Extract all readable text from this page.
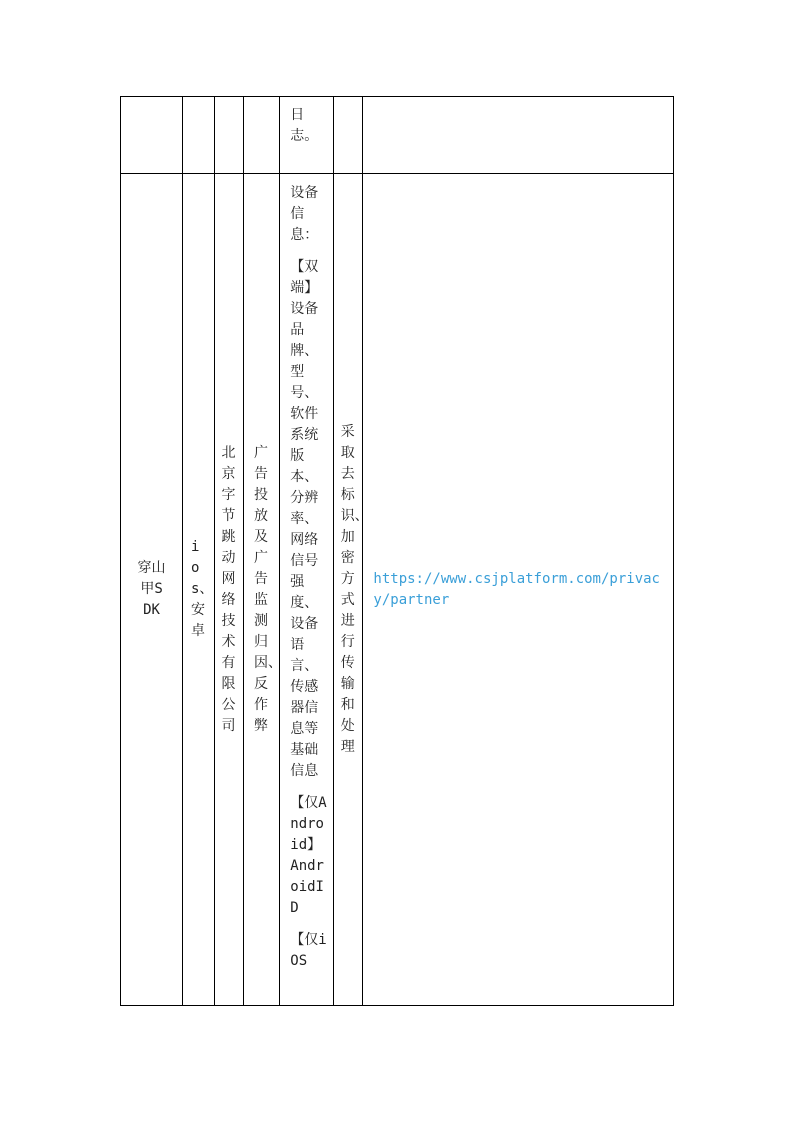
				日志。		

穿山甲SDK	ios、安卓	北京字节跳动网络技术有限公司	广告投放及广告监测归因、反作弊	设备信息：

【双端】设备品牌、型号、软件系统版本、分辨率、网络信号强度、设备语言、传感器信息等基础信息

【仅Android】AndroidID

【仅iOS	采取去标识、加密方式进行传输和处理	https://www.csjplatform.com/privacy/partner
